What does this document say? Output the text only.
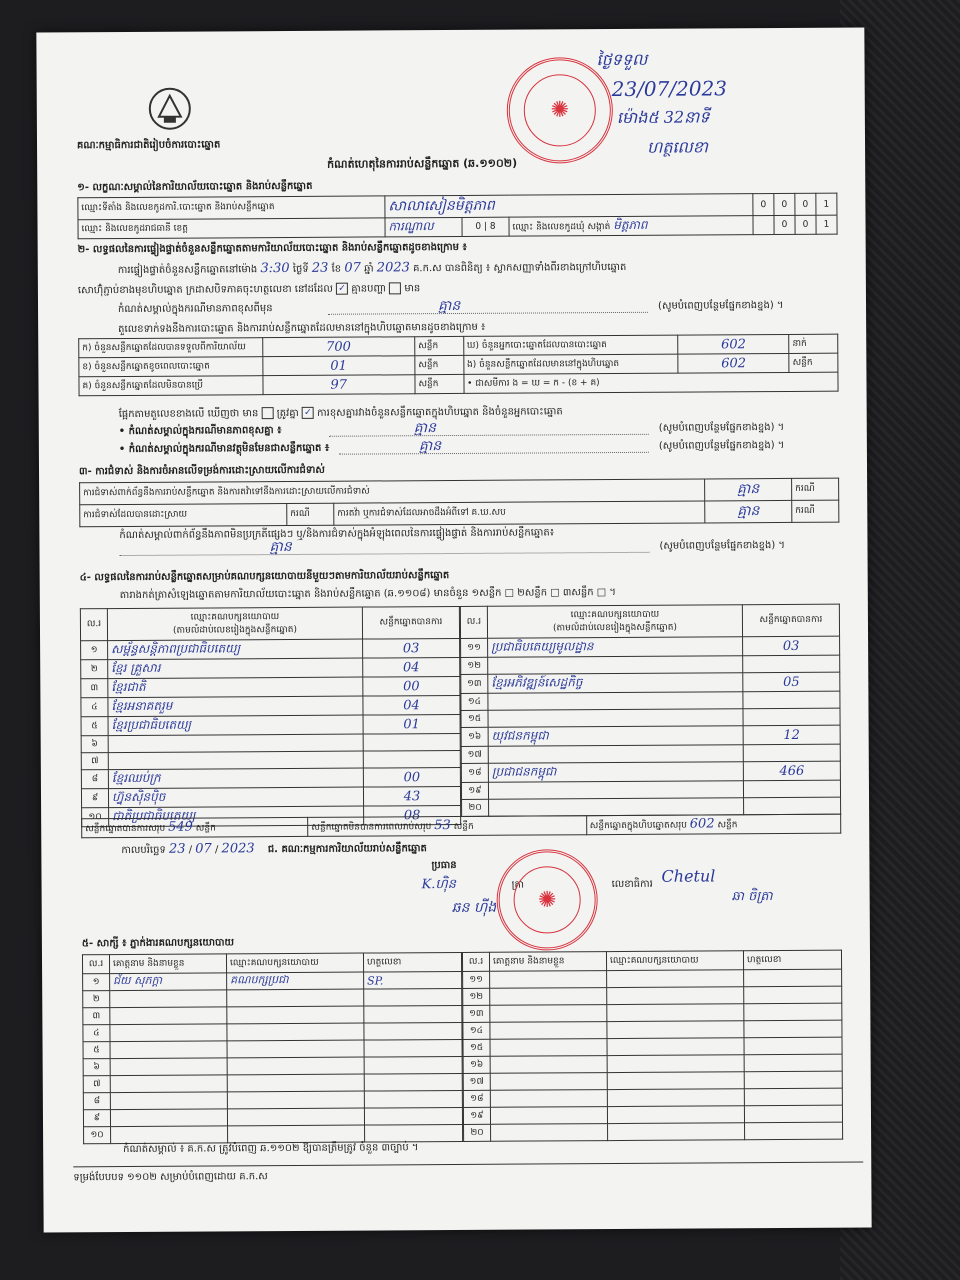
គណៈកម្មាធិការជាតិរៀបចំការបោះឆ្នោត
ថ្ងៃទទួល
23/07/2023
ម៉ោង៥ 32នាទី
ហត្ថលេខា
✺
កំណត់ហេតុនៃការរាប់សន្លឹកឆ្នោត (ឆ.១១០២)
១- លក្ខណៈសម្គាល់នៃការិយាល័យបោះឆ្នោត និងរាប់សន្លឹកឆ្នោត
ឈ្មោះទីតាំង និងលេខកូដការិ.បោះឆ្នោត និងរាប់សន្លឹកឆ្នោត	សាលាសៀនមិត្តភាព			0	0	0	1
ឈ្មោះ និងលេខកូដរាជធានី ខេត្ត	ការណ្ឌាល	0 | 8	ឈ្មោះ និងលេខកូដឃុំ សង្កាត់ មិត្តភាព		0	0	1
២- លទ្ធផលនៃការផ្ទៀងផ្ទាត់ចំនួនសន្លឹកឆ្នោតតាមការិយាល័យបោះឆ្នោត និងរាប់សន្លឹកឆ្នោតដូចខាងក្រោម ៖
ការផ្ទៀងផ្ទាត់ចំនួនសន្លឹកឆ្នោតនៅម៉ោង 3:30 ថ្ងៃទី 23 ខែ 07 ឆ្នាំ 2023 គ.ក.ស បានពិនិត្យ ៖ ស្លាកសញ្ញាទាំងពីរខាងក្រៅហិបឆ្នោត
សោហ៊ុំភ្ជាប់ខាងមុខហិបឆ្នោត ក្រដាសបិទភាគចុះហត្ថលេខា នៅដដែល ✓ គ្មានបញ្ហា មាន
កំណត់សម្គាល់ក្នុងករណីមានភាពខុសពីមុន	គ្មាន	(សូមបំពេញបន្ថែមផ្នែកខាងខ្នង) ។
តួលេខទាក់ទងនឹងការបោះឆ្នោត និងការរាប់សន្លឹកឆ្នោតដែលមាននៅក្នុងហិបឆ្នោតមានដូចខាងក្រោម ៖
ក) ចំនួនសន្លឹកឆ្នោតដែលបានទទួលពីការិយាល័យ	700	សន្លឹក	ឃ) ចំនួនអ្នកបោះឆ្នោតដែលបានបោះឆ្នោត	602	នាក់
ខ) ចំនួនសន្លឹកឆ្នោតខូចពេលបោះឆ្នោត	01	សន្លឹក	ង) ចំនួនសន្លឹកឆ្នោតដែលមាននៅក្នុងហិបឆ្នោត	602	សន្លឹក
គ) ចំនួនសន្លឹកឆ្នោតដែលមិនបានប្រើ	97	សន្លឹក	• ជាសមីការ ង = ឃ = ក - (ខ + គ)		
ផ្អែកតាមតួលេខខាងលើ ឃើញថា មាន ត្រូវគ្នា ✓ ការខុសគ្នារវាងចំនួនសន្លឹកឆ្នោតក្នុងហិបឆ្នោត និងចំនួនអ្នកបោះឆ្នោត
• កំណត់សម្គាល់ក្នុងករណីមានភាពខុសគ្នា ៖	គ្មាន	(សូមបំពេញបន្ថែមផ្នែកខាងខ្នង) ។
• កំណត់សម្គាល់ក្នុងករណីមានវត្ថុមិនមែនជាសន្លឹកឆ្នោត ៖	គ្មាន	(សូមបំពេញបន្ថែមផ្នែកខាងខ្នង) ។
៣- ការជំទាស់ និងការចំអានលើទម្រង់ការដោះស្រាយលើការជំទាស់
ការជំទាស់ពាក់ព័ន្ធនឹងការរាប់សន្លឹកឆ្នោត និងការតវ៉ាទៅនឹងការដោះស្រាយលើការជំទាស់			គ្មាន	ករណី
ការជំទាស់ដែលបានដោះស្រាយ	ករណី	ការតវ៉ា ឬការជំទាស់ដែលអាចដឹងអំពីទៅ គ.ឃ.សប	គ្មាន	ករណី
កំណត់សម្គាល់ពាក់ព័ន្ធនឹងភាពមិនប្រក្រតីផ្សេងៗ ឬ/និងការជំទាស់ក្នុងអំឡុងពេលនៃការផ្ទៀងផ្ទាត់ និងការរាប់សន្លឹកឆ្នោត៖
គ្មាន	(សូមបំពេញបន្ថែមផ្នែកខាងខ្នង) ។
៤- លទ្ធផលនៃការរាប់សន្លឹកឆ្នោតសម្រាប់គណបក្សនយោបាយនីមួយៗតាមការិយាល័យរាប់សន្លឹកឆ្នោត
តារាងកត់ត្រាសំឡេងឆ្នោតតាមការិយាល័យបោះឆ្នោត និងរាប់សន្លឹកឆ្នោត (ឆ.១១០៨) មានចំនួន ១សន្លឹក □ ២សន្លឹក □ ៣សន្លឹក □ ។
ល.រ	ឈ្មោះគណបក្សនយោបាយ
(តាមលំដាប់លេខរៀងក្នុងសន្លឹកឆ្នោត)	សន្លឹកឆ្នោតបានការ
១	សម្ព័ន្ធសន្តិភាពប្រជាធិបតេយ្យ	03
២	ខ្មែរ គ្រួសារ	04
៣	ខ្មែរជាតិ	00
៤	ខ្មែរអនាគតរួម	04
៥	ខ្មែរប្រជាធិបតេយ្យ	01
៦		
៧		
៨	ខ្មែរឈប់ក្រ	00
៩	ហ្វ៊ុនស៊ិនប៉ិច	43
១០	ជាតិប្រជាធិបតេយ្យ	08
ល.រ	ឈ្មោះគណបក្សនយោបាយ
(តាមលំដាប់លេខរៀងក្នុងសន្លឹកឆ្នោត)	សន្លឹកឆ្នោតបានការ
១១	ប្រជាធិបតេយ្យមូលដ្ឋាន	03
១២		
១៣	ខ្មែរអភិវឌ្ឍន៍សេដ្ឋកិច្ច	05
១៤		
១៥		
១៦	យុវជនកម្ពុជា	12
១៧		
១៨	ប្រជាជនកម្ពុជា	466
១៩		
២០		
សន្លឹកឆ្នោតបានការសរុប 549 សន្លឹក	សន្លឹកឆ្នោតមិនបានការពេលរាប់សរុប 53 សន្លឹក	សន្លឹកឆ្នោតក្នុងហិបឆ្នោតសរុប 602 សន្លឹក
កាលបរិច្ឆេទ 23 / 07 / 2023 ជ. គណៈកម្មការការិយាល័យរាប់សន្លឹកឆ្នោត
ប្រធាន
K.ហ៊ិន	ត្រា
ឆន ហ៊ីង
លេខាធិការ Chetul
ឆា ចិត្រា
✺
៥- សាក្សី ៖ ភ្នាក់ងារគណបក្សនយោបាយ
ល.រ	គោត្តនាម និងនាមខ្លួន	ឈ្មោះគណបក្សនយោបាយ	ហត្ថលេខា
១	ជ័យ សុភក្តា	គណបក្សប្រជា	SP.
២			
៣			
៤			
៥			
៦			
៧			
៨			
៩			
១០			
ល.រ	គោត្តនាម និងនាមខ្លួន	ឈ្មោះគណបក្សនយោបាយ	ហត្ថលេខា
១១			
១២			
១៣			
១៤			
១៥			
១៦			
១៧			
១៨			
១៩			
២០			
កំណត់សម្គាល់ ៖ គ.ក.ស ត្រូវបំពេញ ឆ.១១០២ ឱ្យបានត្រឹមត្រូវ ចំនួន ៣ច្បាប់ ។
ទម្រង់បែបបទ ១១០២ សម្រាប់បំពេញដោយ គ.ក.ស
